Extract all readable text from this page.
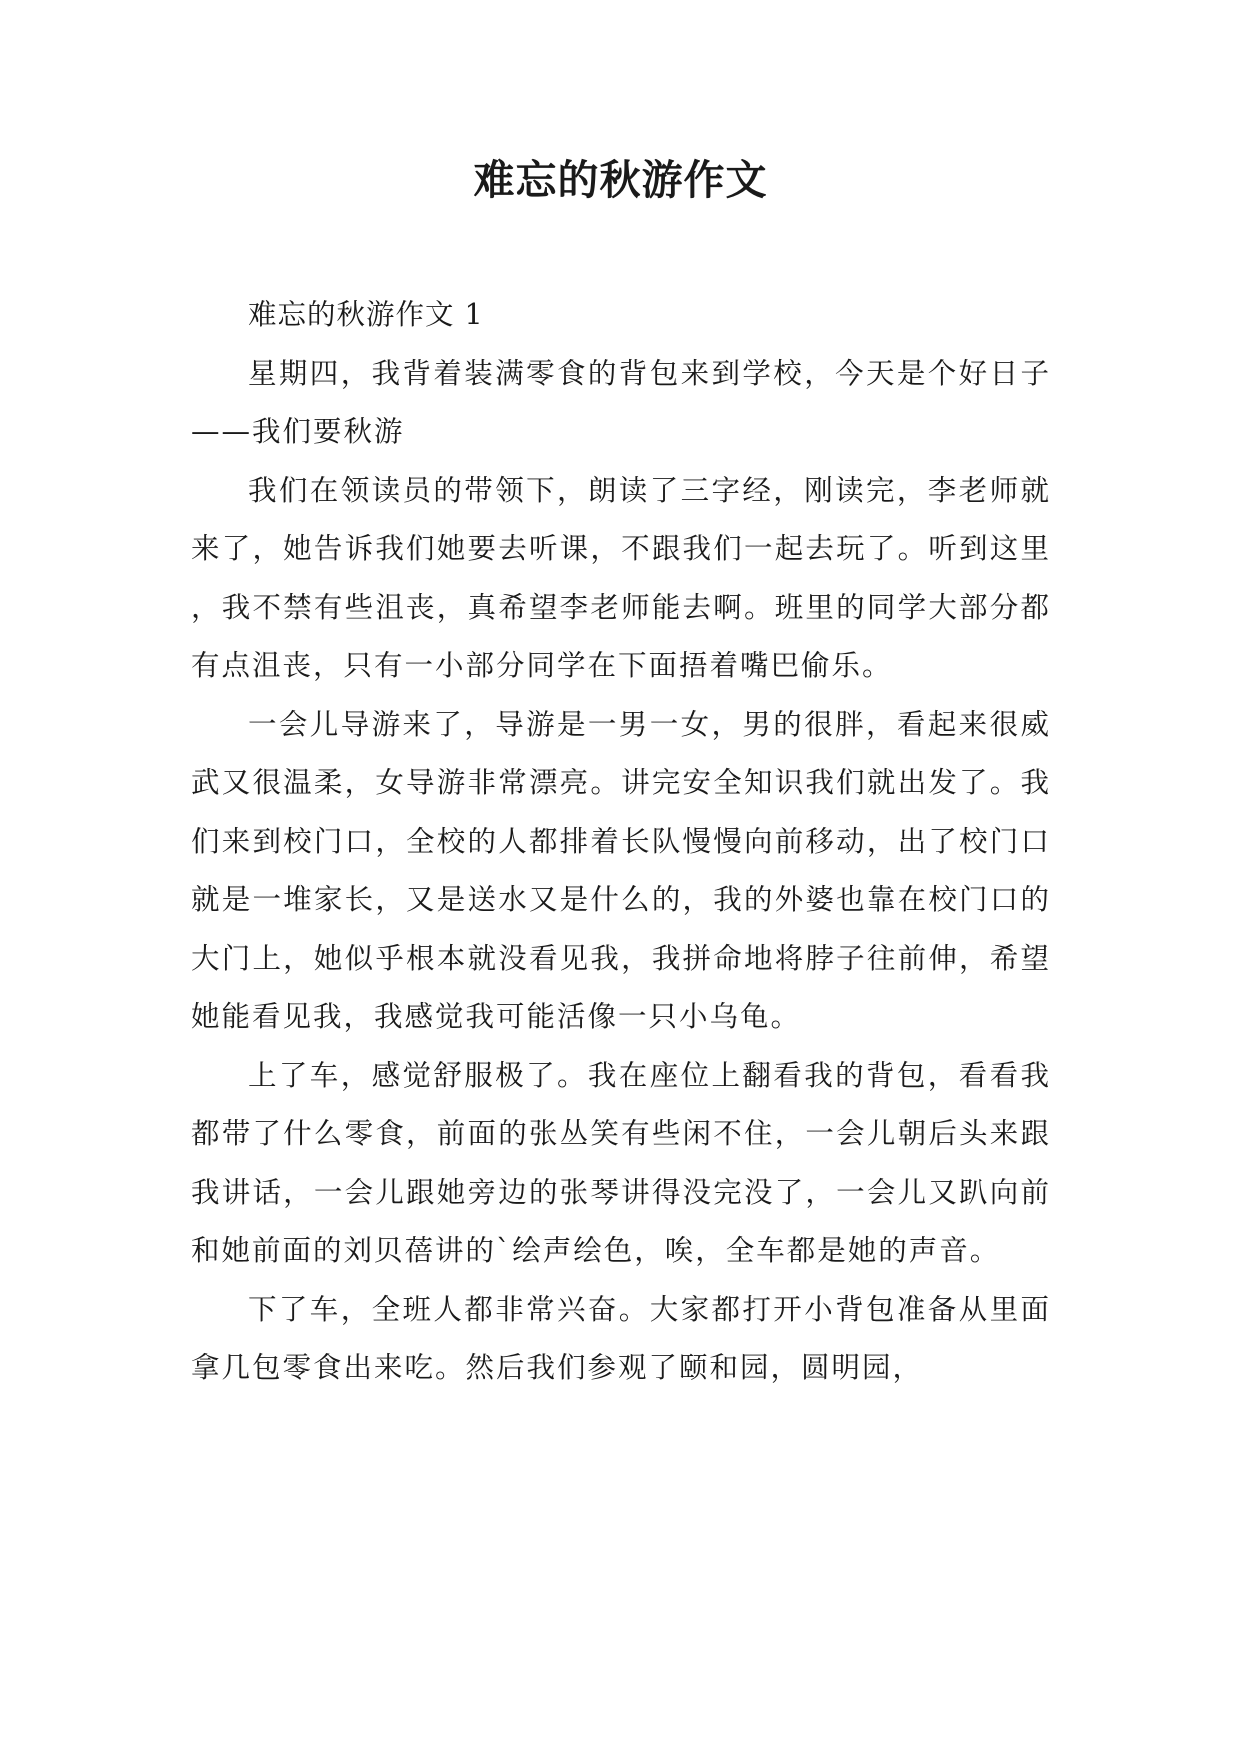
难忘的秋游作文

难忘的秋游作文 1

星期四，我背着装满零食的背包来到学校，今天是个好日子——我们要秋游

我们在领读员的带领下，朗读了三字经，刚读完，李老师就来了，她告诉我们她要去听课，不跟我们一起去玩了。听到这里，我不禁有些沮丧，真希望李老师能去啊。班里的同学大部分都有点沮丧，只有一小部分同学在下面捂着嘴巴偷乐。

一会儿导游来了，导游是一男一女，男的很胖，看起来很威武又很温柔，女导游非常漂亮。讲完安全知识我们就出发了。我们来到校门口，全校的人都排着长队慢慢向前移动，出了校门口就是一堆家长，又是送水又是什么的，我的外婆也靠在校门口的大门上，她似乎根本就没看见我，我拼命地将脖子往前伸，希望她能看见我，我感觉我可能活像一只小乌龟。

上了车，感觉舒服极了。我在座位上翻看我的背包，看看我都带了什么零食，前面的张丛笑有些闲不住，一会儿朝后头来跟我讲话，一会儿跟她旁边的张琴讲得没完没了，一会儿又趴向前和她前面的刘贝蓓讲的`绘声绘色，唉，全车都是她的声音。

下了车，全班人都非常兴奋。大家都打开小背包准备从里面拿几包零食出来吃。然后我们参观了颐和园，圆明园，
